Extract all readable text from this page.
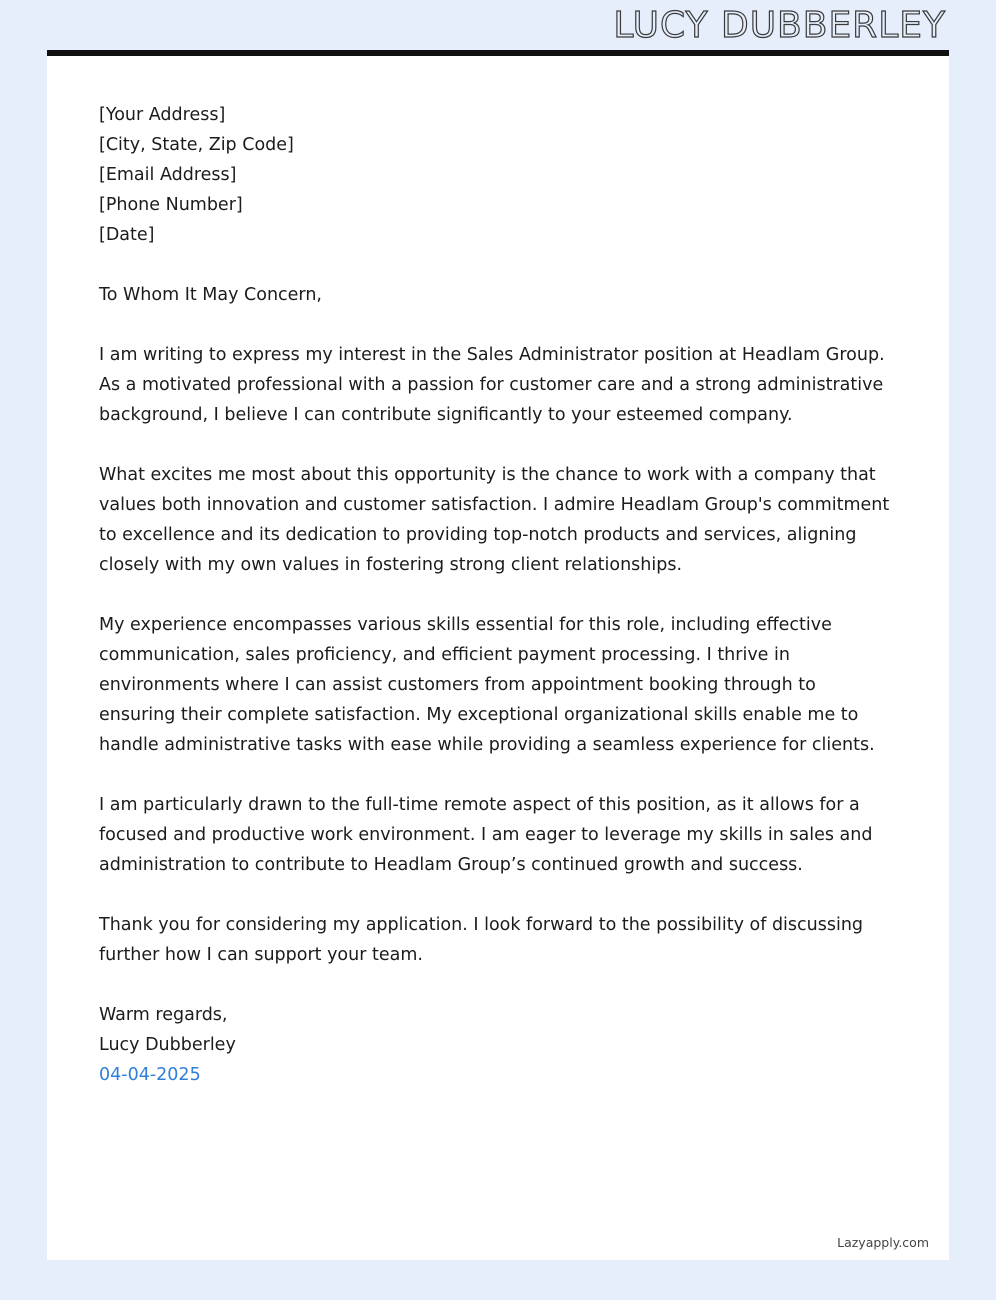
LUCY DUBBERLEY
[Your Address]
[City, State, Zip Code]
[Email Address]
[Phone Number]
[Date]

To Whom It May Concern,

I am writing to express my interest in the Sales Administrator position at Headlam Group. As a motivated professional with a passion for customer care and a strong administrative background, I believe I can contribute significantly to your esteemed company.

What excites me most about this opportunity is the chance to work with a company that values both innovation and customer satisfaction. I admire Headlam Group's commitment to excellence and its dedication to providing top-notch products and services, aligning closely with my own values in fostering strong client relationships.

My experience encompasses various skills essential for this role, including effective communication, sales proficiency, and efficient payment processing. I thrive in environments where I can assist customers from appointment booking through to ensuring their complete satisfaction. My exceptional organizational skills enable me to handle administrative tasks with ease while providing a seamless experience for clients.

I am particularly drawn to the full-time remote aspect of this position, as it allows for a focused and productive work environment. I am eager to leverage my skills in sales and administration to contribute to Headlam Group’s continued growth and success.

Thank you for considering my application. I look forward to the possibility of discussing further how I can support your team.

Warm regards,

Lucy Dubberley

04-04-2025

Lazyapply.com
